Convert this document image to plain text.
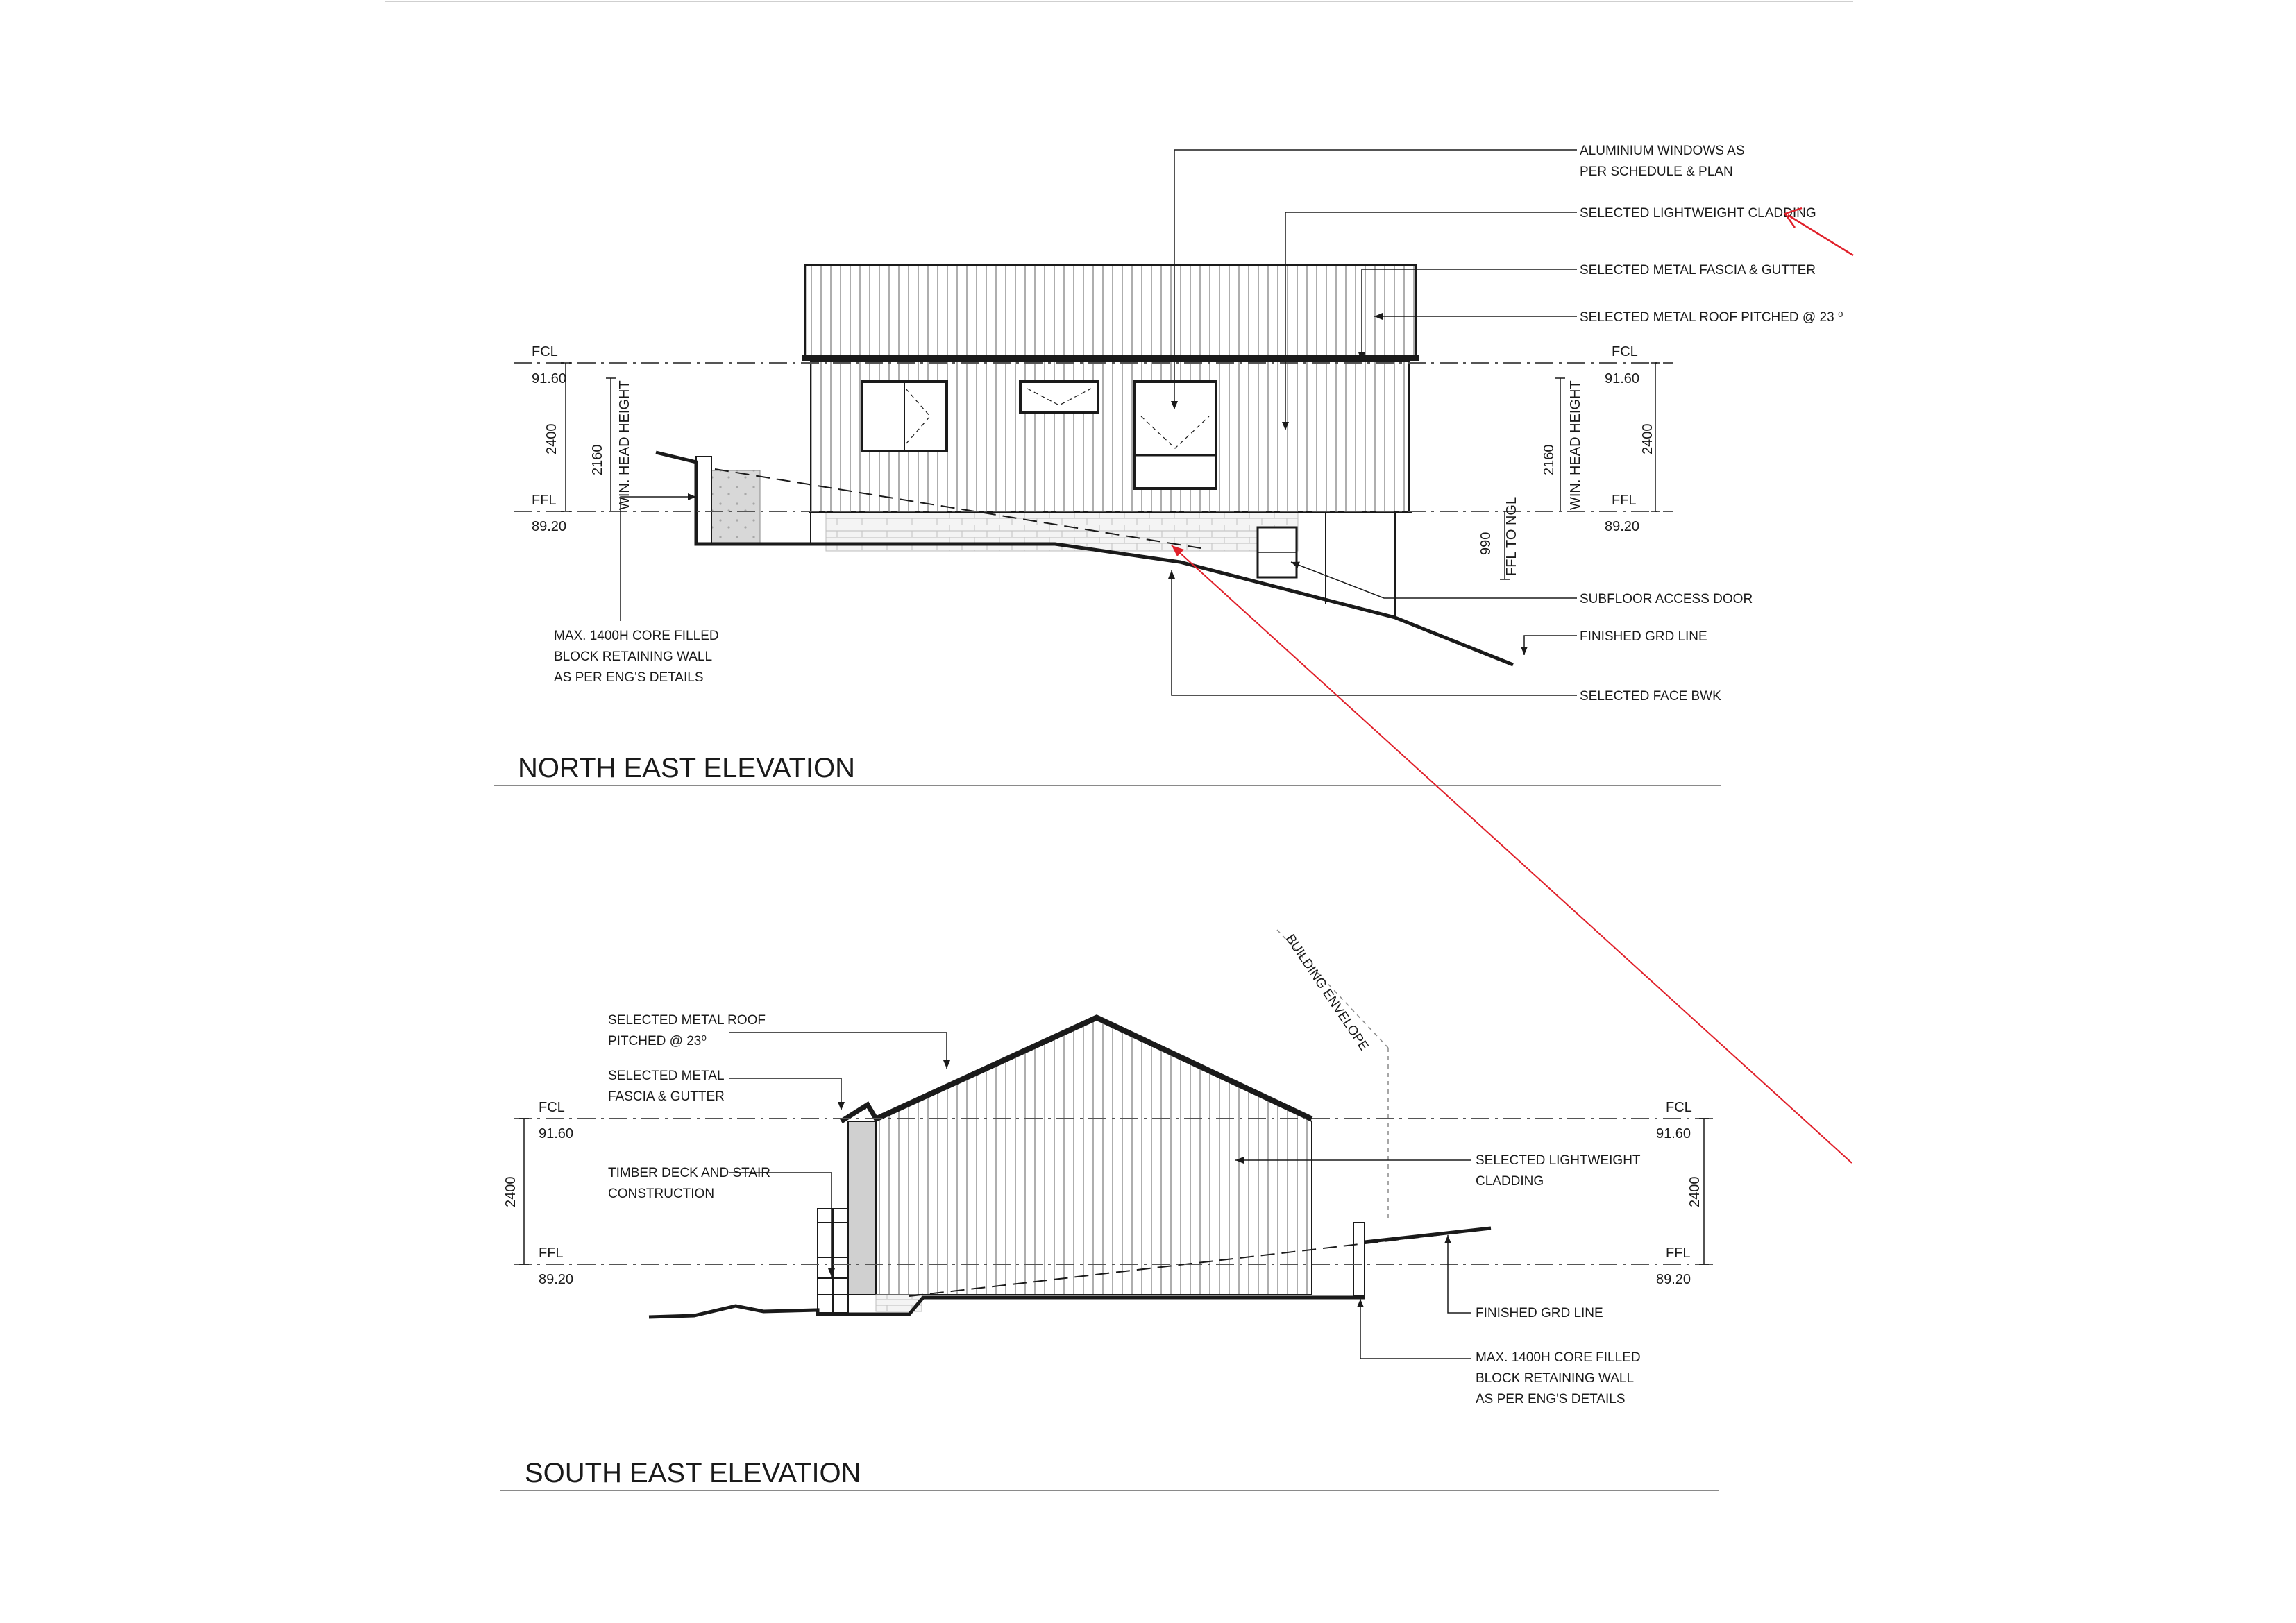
ALUMINIUM WINDOWS AS
PER SCHEDULE & PLAN
SELECTED LIGHTWEIGHT CLADDING
SELECTED METAL FASCIA & GUTTER
SELECTED METAL ROOF PITCHED @ 23 ⁰
SUBFLOOR ACCESS DOOR
FINISHED GRD LINE
SELECTED FACE BWK
MAX. 1400H CORE FILLED
BLOCK RETAINING WALL
AS PER ENG'S DETAILS
FCL
91.60
FFL
89.20
FCL
91.60
FFL
89.20
2400
2160 WIN. HEAD HEIGHT	2400
2160 WIN. HEAD HEIGHT
990 FFL TO NGL
NORTH EAST ELEVATION
SELECTED METAL ROOF
PITCHED @ 23⁰
SELECTED METAL
FASCIA & GUTTER
TIMBER DECK AND STAIR
CONSTRUCTION
BUILDING ENVELOPE
SELECTED LIGHTWEIGHT
CLADDING
FINISHED GRD LINE
MAX. 1400H CORE FILLED
BLOCK RETAINING WALL
AS PER ENG'S DETAILS
FCL
91.60
FFL
89.20
FCL
91.60
FFL
89.20
2400	2400
SOUTH EAST ELEVATION
